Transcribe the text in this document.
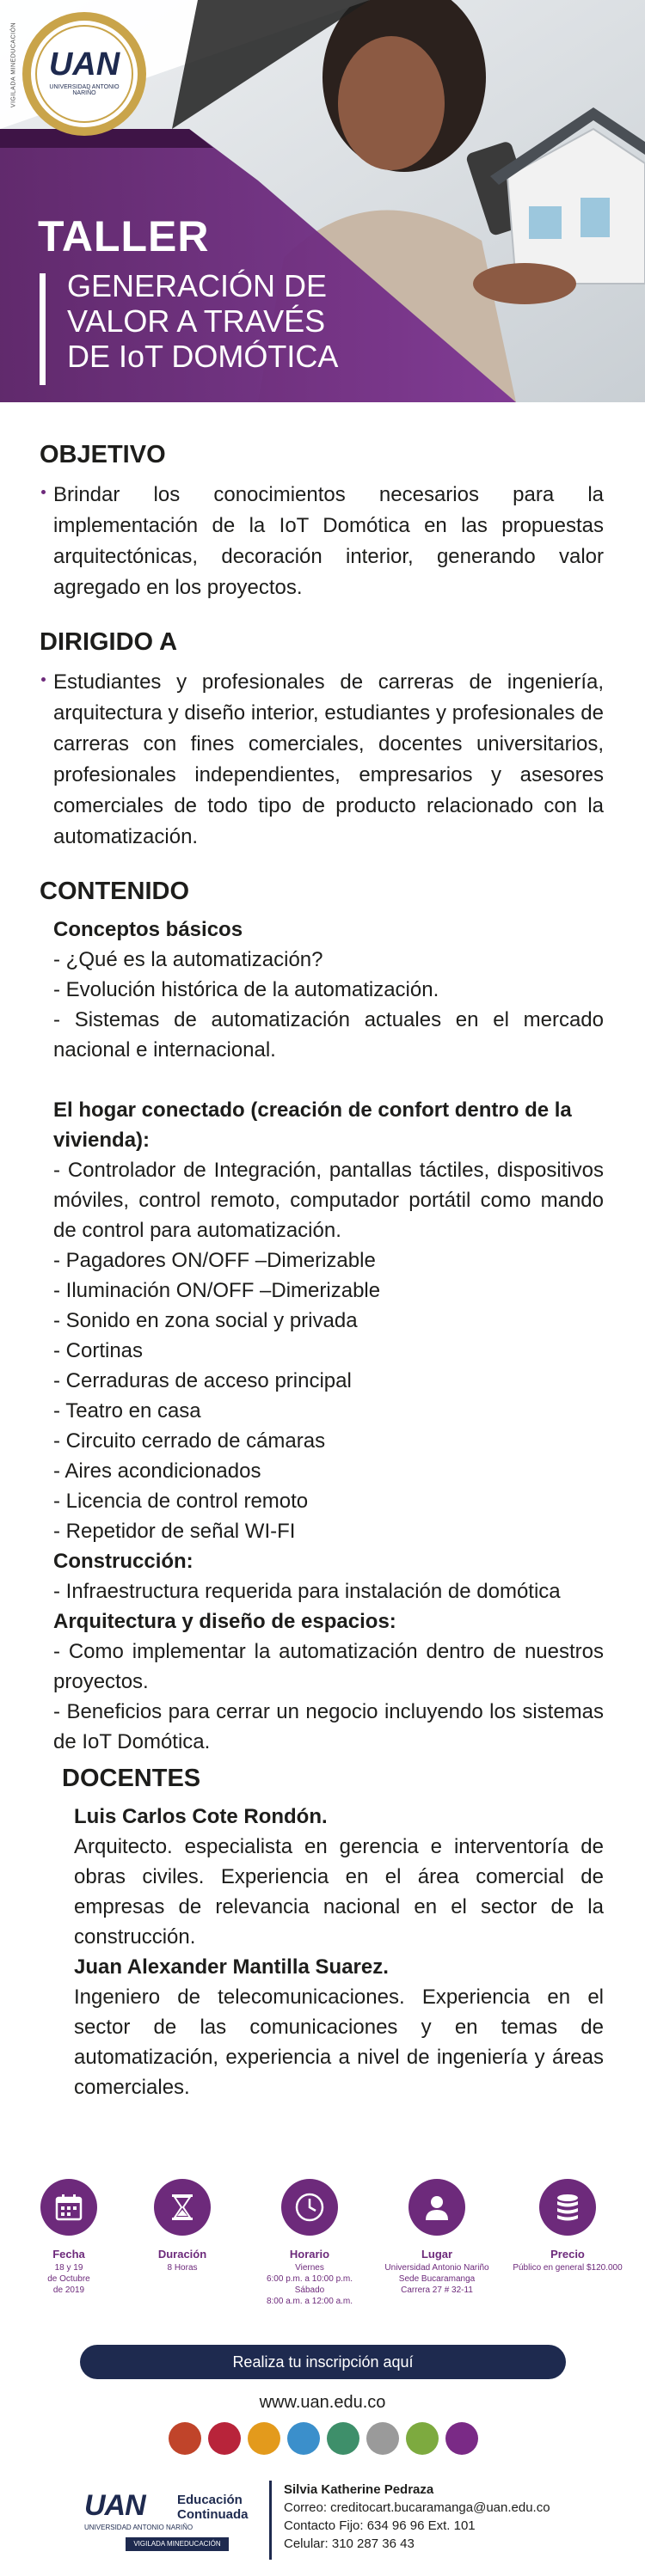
VIGILADA MINEDUCACIÓN UAN
UNIVERSIDAD ANTONIO NARIÑO
TALLER
GENERACIÓN DE
VALOR A TRAVÉS
DE IoT DOMÓTICA
OBJETIVO
Brindar los conocimientos necesarios para la implementación de la IoT Domótica en las propuestas arquitectónicas, decoración interior, generando valor agregado en los proyectos.
DIRIGIDO A
Estudiantes y profesionales de carreras de ingeniería, arquitectura y diseño interior, estudiantes y profesionales de carreras con fines comerciales, docentes universitarios, profesionales independientes, empresarios y asesores comerciales de todo tipo de producto relacionado con la automatización.
CONTENIDO
Conceptos básicos
- ¿Qué es la automatización?
- Evolución histórica de la automatización.
- Sistemas de automatización actuales en el mercado nacional e internacional.
El hogar conectado (creación de confort dentro de la vivienda):
- Controlador de Integración, pantallas táctiles, dispositivos móviles, control remoto, computador portátil como mando de control para automatización.
- Pagadores ON/OFF –Dimerizable
- Iluminación ON/OFF –Dimerizable
- Sonido en zona social y privada
- Cortinas
- Cerraduras de acceso principal
- Teatro en casa
- Circuito cerrado de cámaras
- Aires acondicionados
- Licencia de control remoto
- Repetidor de señal WI-FI
Construcción:
- Infraestructura requerida para instalación de domótica
Arquitectura y diseño de espacios:
- Como implementar la automatización dentro de nuestros proyectos.
- Beneficios para cerrar un negocio incluyendo los sistemas de IoT Domótica.
DOCENTES
Luis Carlos Cote Rondón.
Arquitecto. especialista en gerencia e interventoría de obras civiles. Experiencia en el área comercial de empresas de relevancia nacional en el sector de la construcción.
Juan Alexander Mantilla Suarez.
Ingeniero de telecomunicaciones. Experiencia en el sector de las comunicaciones y en temas de automatización, experiencia a nivel de ingeniería y áreas comerciales.
Fecha
18 y 19
de Octubre
de 2019
Duración
8 Horas
Horario
Viernes
6:00 p.m. a 10:00 p.m.
Sábado
8:00 a.m. a 12:00 a.m.
Lugar
Universidad Antonio Nariño
Sede Bucaramanga
Carrera 27 # 32-11
Precio
Público en general $120.000
Realiza tu inscripción aquí
www.uan.edu.co
UAN
UNIVERSIDAD ANTONIO NARIÑO
Educación
Continuada
VIGILADA MINEDUCACIÓN
Silvia Katherine Pedraza
Correo: creditocart.bucaramanga@uan.edu.co
Contacto Fijo: 634 96 96 Ext. 101
Celular: 310 287 36 43
